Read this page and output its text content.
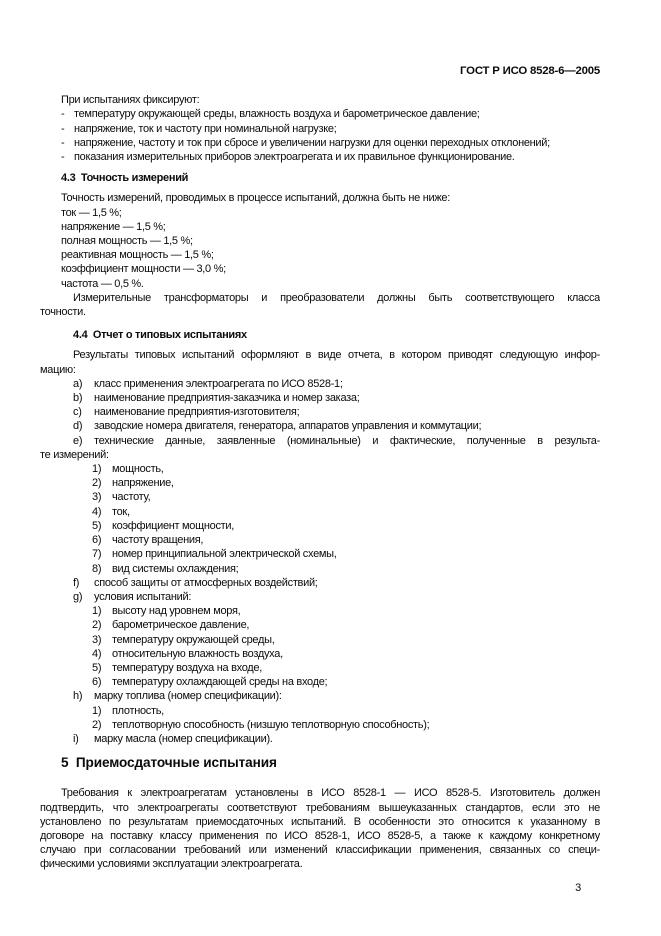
ГОСТ Р ИСО 8528-6—2005
При испытаниях фиксируют:
- температуру окружающей среды, влажность воздуха и барометрическое давление;
- напряжение, ток и частоту при номинальной нагрузке;
- напряжение, частоту и ток при сбросе и увеличении нагрузки для оценки переходных отклонений;
- показания измерительных приборов электроагрегата и их правильное функционирование.
4.3  Точность измерений
Точность измерений, проводимых в процессе испытаний, должна быть не ниже:
ток — 1,5 %;
напряжение — 1,5 %;
полная мощность — 1,5 %;
реактивная мощность — 1,5 %;
коэффициент мощности — 3,0 %;
частота — 0,5 %.
Измерительные трансформаторы и преобразователи должны быть соответствующего класса
точности.
4.4  Отчет о типовых испытаниях
Результаты типовых испытаний оформляют в виде отчета, в котором приводят следующую инфор-
мацию:
a) класс применения электроагрегата по ИСО 8528-1;
b) наименование предприятия-заказчика и номер заказа;
c) наименование предприятия-изготовителя;
d) заводские номера двигателя, генератора, аппаратов управления и коммутации;
e) технические данные, заявленные (номинальные) и фактические, полученные в результа-
те измерений:
1) мощность,
2) напряжение,
3) частоту,
4) ток,
5) коэффициент мощности,
6) частоту вращения,
7) номер принципиальной электрической схемы,
8) вид системы охлаждения;
f) способ защиты от атмосферных воздействий;
g) условия испытаний:
1) высоту над уровнем моря,
2) барометрическое давление,
3) температуру окружающей среды,
4) относительную влажность воздуха,
5) температуру воздуха на входе,
6) температуру охлаждающей среды на входе;
h) марку топлива (номер спецификации):
1) плотность,
2) теплотворную способность (низшую теплотворную способность);
i) марку масла (номер спецификации).
5  Приемосдаточные испытания
Требования к электроагрегатам установлены в ИСО 8528-1 — ИСО 8528-5. Изготовитель должен
подтвердить, что электроагрегаты соответствуют требованиям вышеуказанных стандартов, если это не
установлено по результатам приемосдаточных испытаний. В особенности это относится к указанному в
договоре на поставку классу применения по ИСО 8528-1, ИСО 8528-5, а также к каждому конкретному
случаю при согласовании требований или изменений классификации применения, связанных со специ-
фическими условиями эксплуатации электроагрегата.
3
